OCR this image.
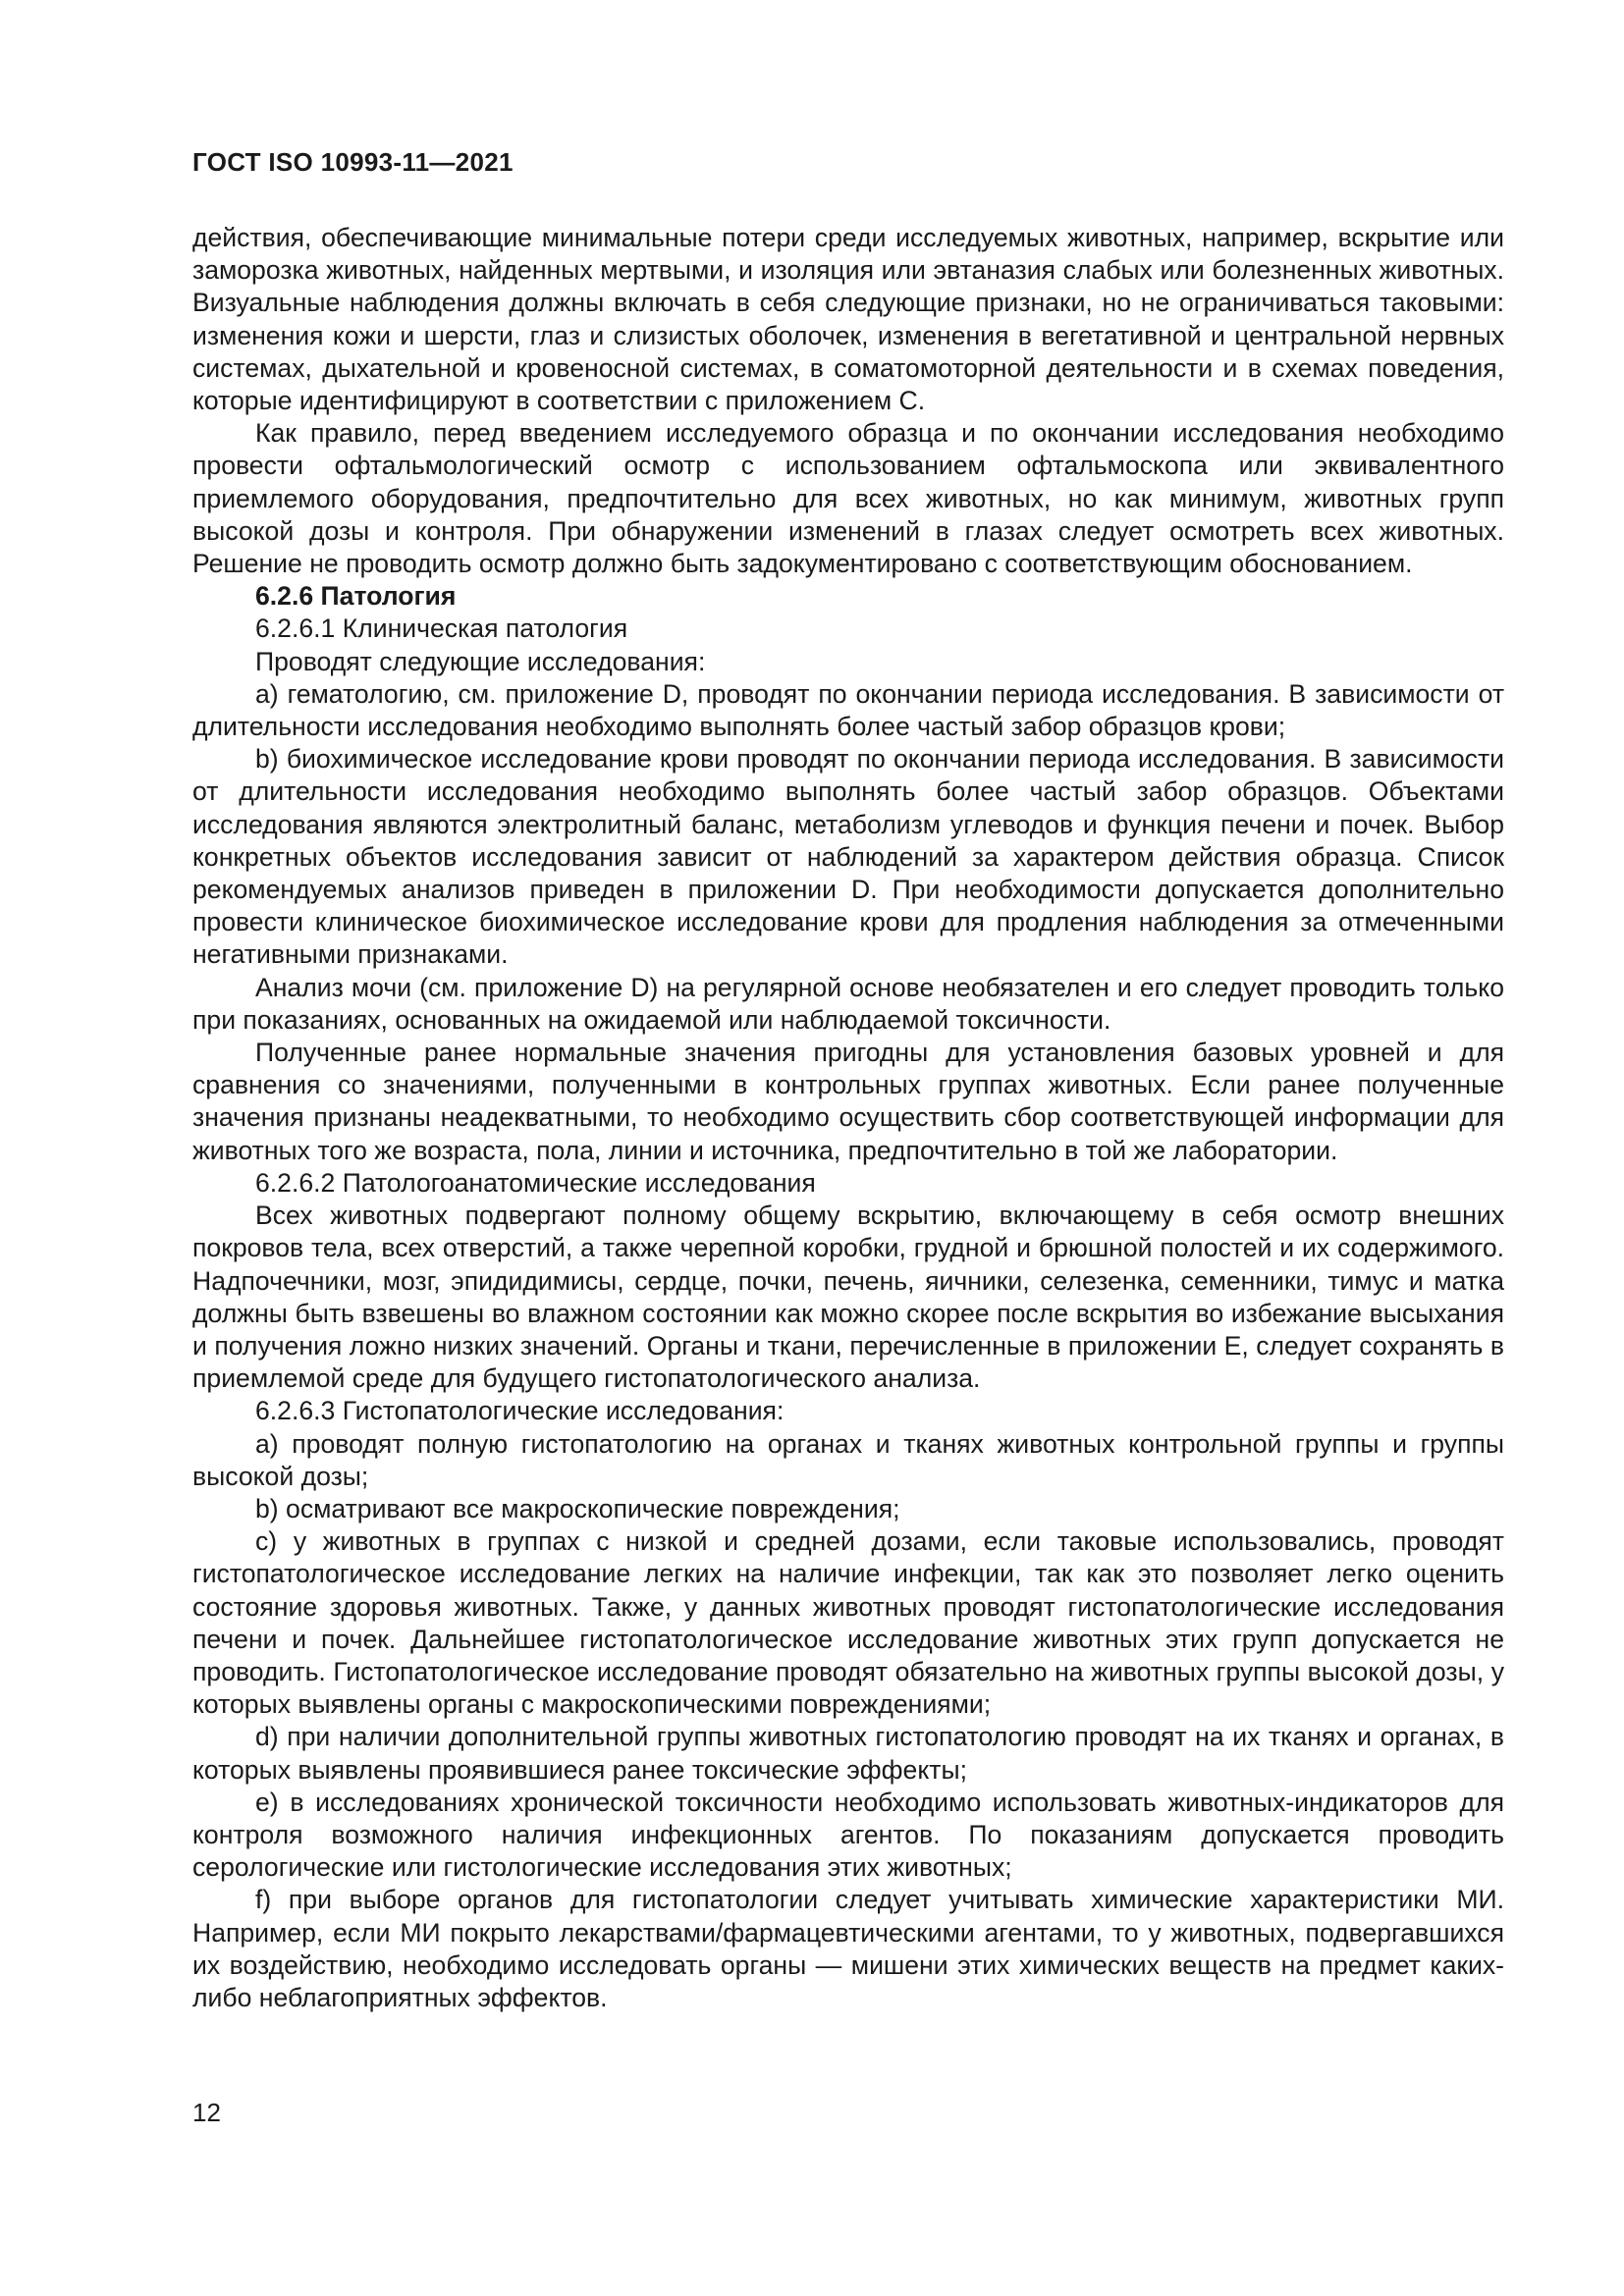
ГОСТ ISO 10993-11—2021

действия, обеспечивающие минимальные потери среди исследуемых животных, например, вскрытие или заморозка животных, найденных мертвыми, и изоляция или эвтаназия слабых или болезненных животных. Визуальные наблюдения должны включать в себя следующие признаки, но не ограничиваться таковыми: изменения кожи и шерсти, глаз и слизистых оболочек, изменения в вегетативной и центральной нервных системах, дыхательной и кровеносной системах, в соматомоторной деятельности и в схемах поведения, которые идентифицируют в соответствии с приложением С.

Как правило, перед введением исследуемого образца и по окончании исследования необходимо провести офтальмологический осмотр с использованием офтальмоскопа или эквивалентного приемлемого оборудования, предпочтительно для всех животных, но как минимум, животных групп высокой дозы и контроля. При обнаружении изменений в глазах следует осмотреть всех животных. Решение не проводить осмотр должно быть задокументировано с соответствующим обоснованием.

6.2.6 Патология

6.2.6.1 Клиническая патология

Проводят следующие исследования:

a) гематологию, см. приложение D, проводят по окончании периода исследования. В зависимости от длительности исследования необходимо выполнять более частый забор образцов крови;

b) биохимическое исследование крови проводят по окончании периода исследования. В зависимости от длительности исследования необходимо выполнять более частый забор образцов. Объектами исследования являются электролитный баланс, метаболизм углеводов и функция печени и почек. Выбор конкретных объектов исследования зависит от наблюдений за характером действия образца. Список рекомендуемых анализов приведен в приложении D. При необходимости допускается дополнительно провести клиническое биохимическое исследование крови для продления наблюдения за отмеченными негативными признаками.

Анализ мочи (см. приложение D) на регулярной основе необязателен и его следует проводить только при показаниях, основанных на ожидаемой или наблюдаемой токсичности.

Полученные ранее нормальные значения пригодны для установления базовых уровней и для сравнения со значениями, полученными в контрольных группах животных. Если ранее полученные значения признаны неадекватными, то необходимо осуществить сбор соответствующей информации для животных того же возраста, пола, линии и источника, предпочтительно в той же лаборатории.

6.2.6.2 Патологоанатомические исследования

Всех животных подвергают полному общему вскрытию, включающему в себя осмотр внешних покровов тела, всех отверстий, а также черепной коробки, грудной и брюшной полостей и их содержимого. Надпочечники, мозг, эпидидимисы, сердце, почки, печень, яичники, селезенка, семенники, тимус и матка должны быть взвешены во влажном состоянии как можно скорее после вскрытия во избежание высыхания и получения ложно низких значений. Органы и ткани, перечисленные в приложении Е, следует сохранять в приемлемой среде для будущего гистопатологического анализа.

6.2.6.3 Гистопатологические исследования:

a) проводят полную гистопатологию на органах и тканях животных контрольной группы и группы высокой дозы;

b) осматривают все макроскопические повреждения;

c) у животных в группах с низкой и средней дозами, если таковые использовались, проводят гистопатологическое исследование легких на наличие инфекции, так как это позволяет легко оценить состояние здоровья животных. Также, у данных животных проводят гистопатологические исследования печени и почек. Дальнейшее гистопатологическое исследование животных этих групп допускается не проводить. Гистопатологическое исследование проводят обязательно на животных группы высокой дозы, у которых выявлены органы с макроскопическими повреждениями;

d) при наличии дополнительной группы животных гистопатологию проводят на их тканях и органах, в которых выявлены проявившиеся ранее токсические эффекты;

e) в исследованиях хронической токсичности необходимо использовать животных-индикаторов для контроля возможного наличия инфекционных агентов. По показаниям допускается проводить серологические или гистологические исследования этих животных;

f) при выборе органов для гистопатологии следует учитывать химические характеристики МИ. Например, если МИ покрыто лекарствами/фармацевтическими агентами, то у животных, подвергавшихся их воздействию, необходимо исследовать органы — мишени этих химических веществ на предмет каких-либо неблагоприятных эффектов.

12
